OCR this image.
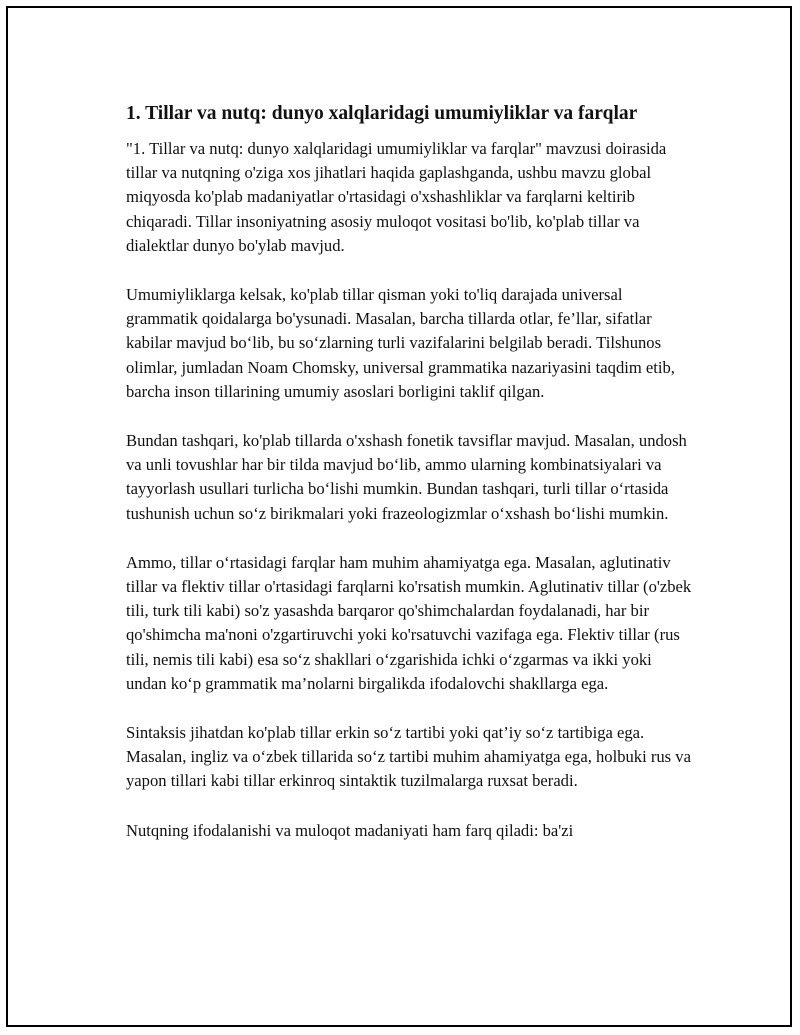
1. Tillar va nutq: dunyo xalqlaridagi umumiyliklar va farqlar

"1. Tillar va nutq: dunyo xalqlaridagi umumiyliklar va farqlar" mavzusi doirasida tillar va nutqning o'ziga xos jihatlari haqida gaplashganda, ushbu mavzu global miqyosda ko'plab madaniyatlar o'rtasidagi o'xshashliklar va farqlarni keltirib chiqaradi. Tillar insoniyatning asosiy muloqot vositasi bo'lib, ko'plab tillar va dialektlar dunyo bo'ylab mavjud.

Umumiyliklarga kelsak, ko'plab tillar qisman yoki to'liq darajada universal grammatik qoidalarga bo'ysunadi. Masalan, barcha tillarda otlar, fe’llar, sifatlar kabilar mavjud bo‘lib, bu so‘zlarning turli vazifalarini belgilab beradi. Tilshunos olimlar, jumladan Noam Chomsky, universal grammatika nazariyasini taqdim etib, barcha inson tillarining umumiy asoslari borligini taklif qilgan.

Bundan tashqari, ko'plab tillarda o'xshash fonetik tavsiflar mavjud. Masalan, undosh va unli tovushlar har bir tilda mavjud bo‘lib, ammo ularning kombinatsiyalari va tayyorlash usullari turlicha bo‘lishi mumkin. Bundan tashqari, turli tillar o‘rtasida tushunish uchun so‘z birikmalari yoki frazeologizmlar o‘xshash bo‘lishi mumkin.

Ammo, tillar o‘rtasidagi farqlar ham muhim ahamiyatga ega. Masalan, aglutinativ tillar va flektiv tillar o'rtasidagi farqlarni ko'rsatish mumkin. Aglutinativ tillar (o'zbek tili, turk tili kabi) so'z yasashda barqaror qo'shimchalardan foydalanadi, har bir qo'shimcha ma'noni o'zgartiruvchi yoki ko'rsatuvchi vazifaga ega. Flektiv tillar (rus tili, nemis tili kabi) esa so‘z shakllari o‘zgarishida ichki o‘zgarmas va ikki yoki undan ko‘p grammatik ma’nolarni birgalikda ifodalovchi shakllarga ega.

Sintaksis jihatdan ko'plab tillar erkin so‘z tartibi yoki qat’iy so‘z tartibiga ega. Masalan, ingliz va o‘zbek tillarida so‘z tartibi muhim ahamiyatga ega, holbuki rus va yapon tillari kabi tillar erkinroq sintaktik tuzilmalarga ruxsat beradi.

Nutqning ifodalanishi va muloqot madaniyati ham farq qiladi: ba'zi
